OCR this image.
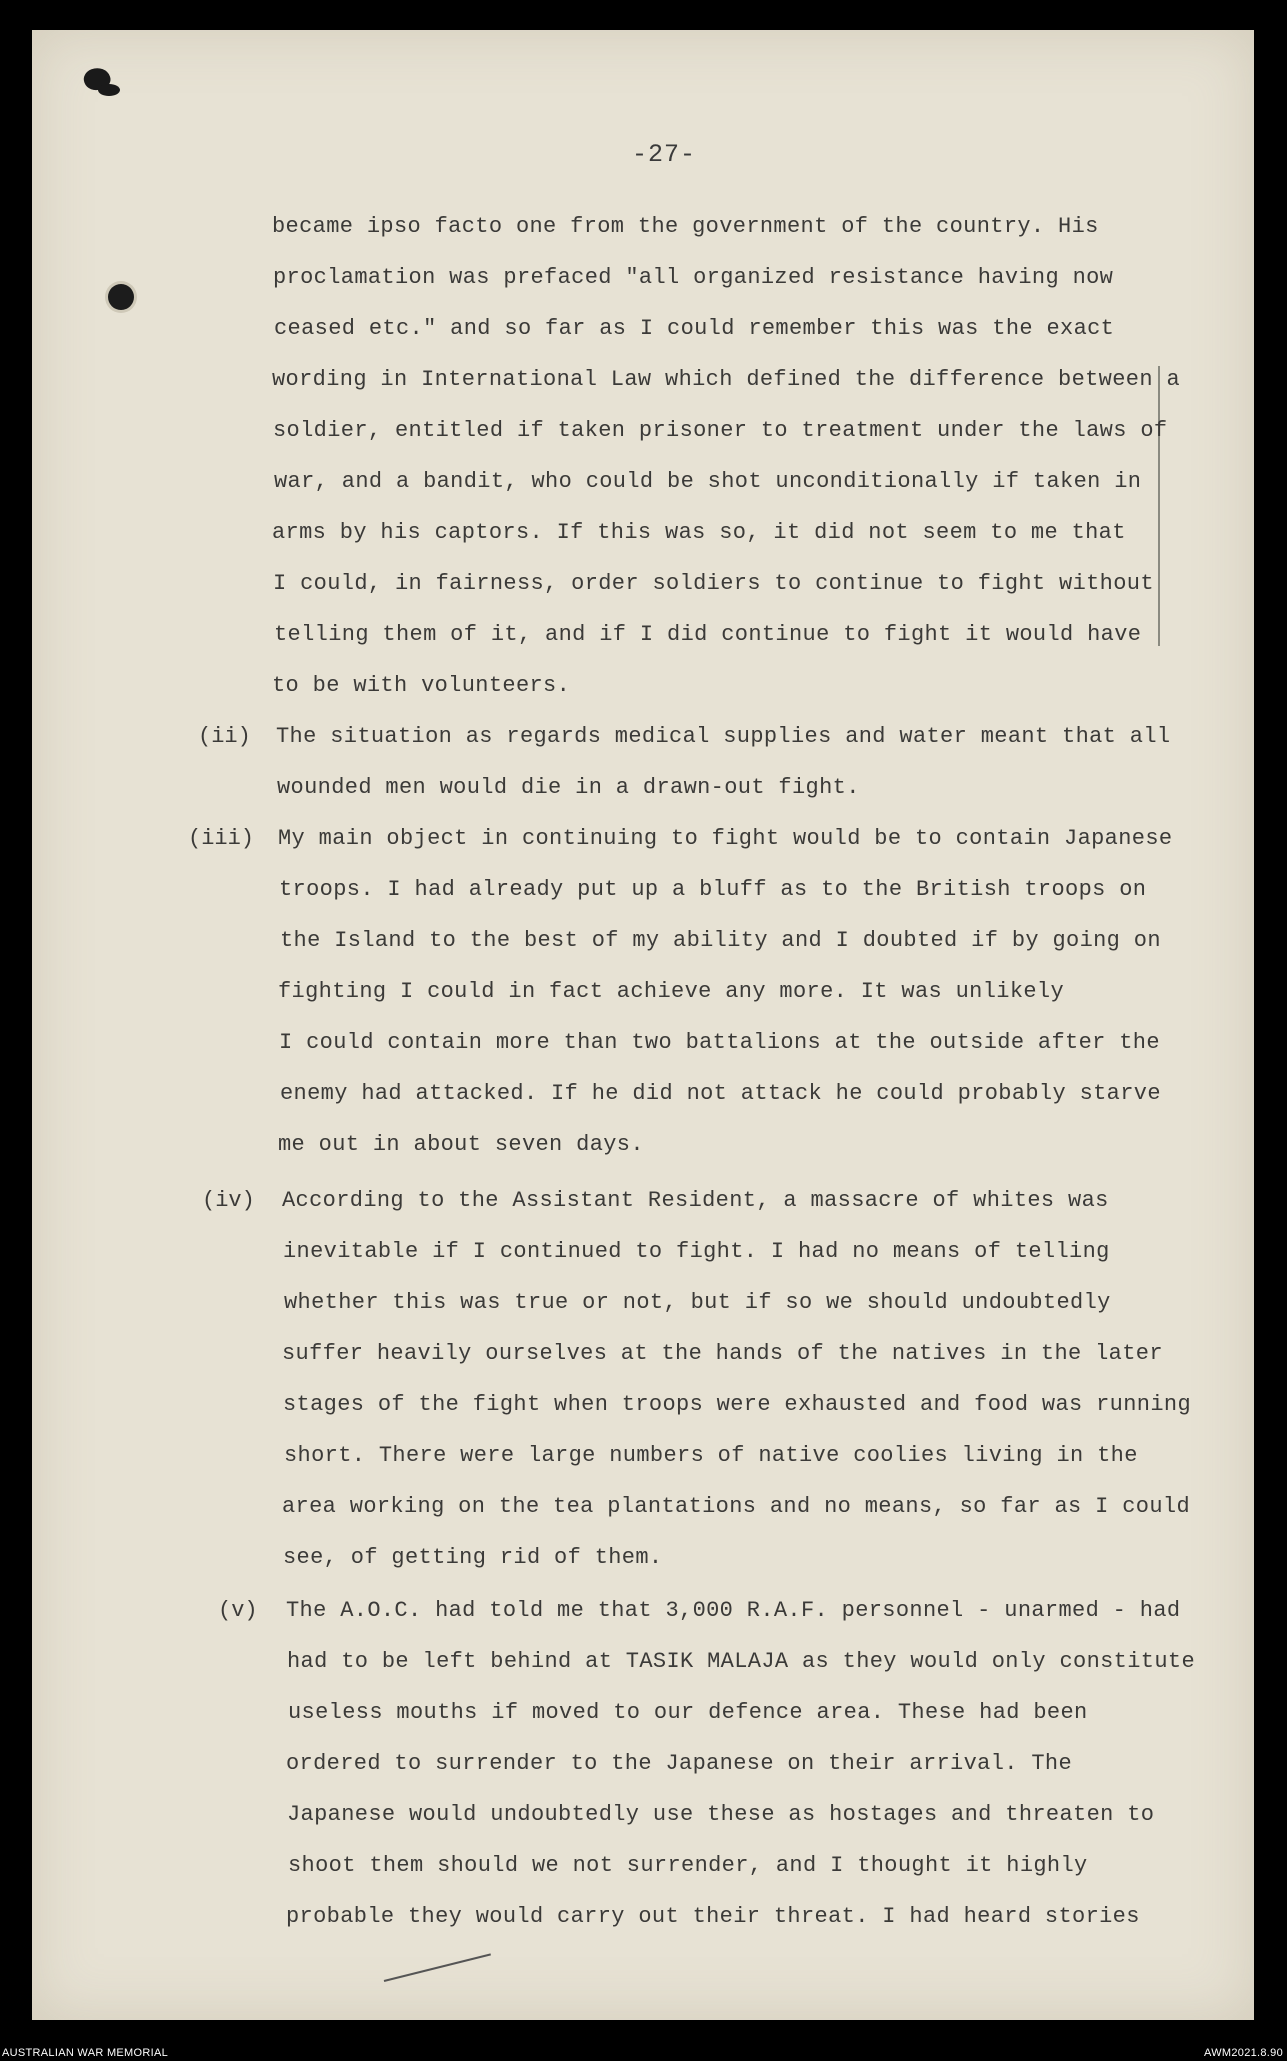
-27-

became ipso facto one from the government of the country. His

proclamation was prefaced "all organized resistance having now

ceased etc." and so far as I could remember this was the exact

wording in International Law which defined the difference between a

soldier, entitled if taken prisoner to treatment under the laws of

war, and a bandit, who could be shot unconditionally if taken in

arms by his captors. If this was so, it did not seem to me that

I could, in fairness, order soldiers to continue to fight without

telling them of it, and if I did continue to fight it would have

to be with volunteers.

(ii) The situation as regards medical supplies and water meant that all

wounded men would die in a drawn-out fight.

(iii) My main object in continuing to fight would be to contain Japanese

troops. I had already put up a bluff as to the British troops on

the Island to the best of my ability and I doubted if by going on

fighting I could in fact achieve any more. It was unlikely

I could contain more than two battalions at the outside after the

enemy had attacked. If he did not attack he could probably starve

me out in about seven days.

(iv) According to the Assistant Resident, a massacre of whites was

inevitable if I continued to fight. I had no means of telling

whether this was true or not, but if so we should undoubtedly

suffer heavily ourselves at the hands of the natives in the later

stages of the fight when troops were exhausted and food was running

short. There were large numbers of native coolies living in the

area working on the tea plantations and no means, so far as I could

see, of getting rid of them.

(v) The A.O.C. had told me that 3,000 R.A.F. personnel - unarmed - had

had to be left behind at TASIK MALAJA as they would only constitute

useless mouths if moved to our defence area. These had been

ordered to surrender to the Japanese on their arrival. The

Japanese would undoubtedly use these as hostages and threaten to

shoot them should we not surrender, and I thought it highly

probable they would carry out their threat. I had heard stories

AUSTRALIAN WAR MEMORIAL	AWM2021.8.90
